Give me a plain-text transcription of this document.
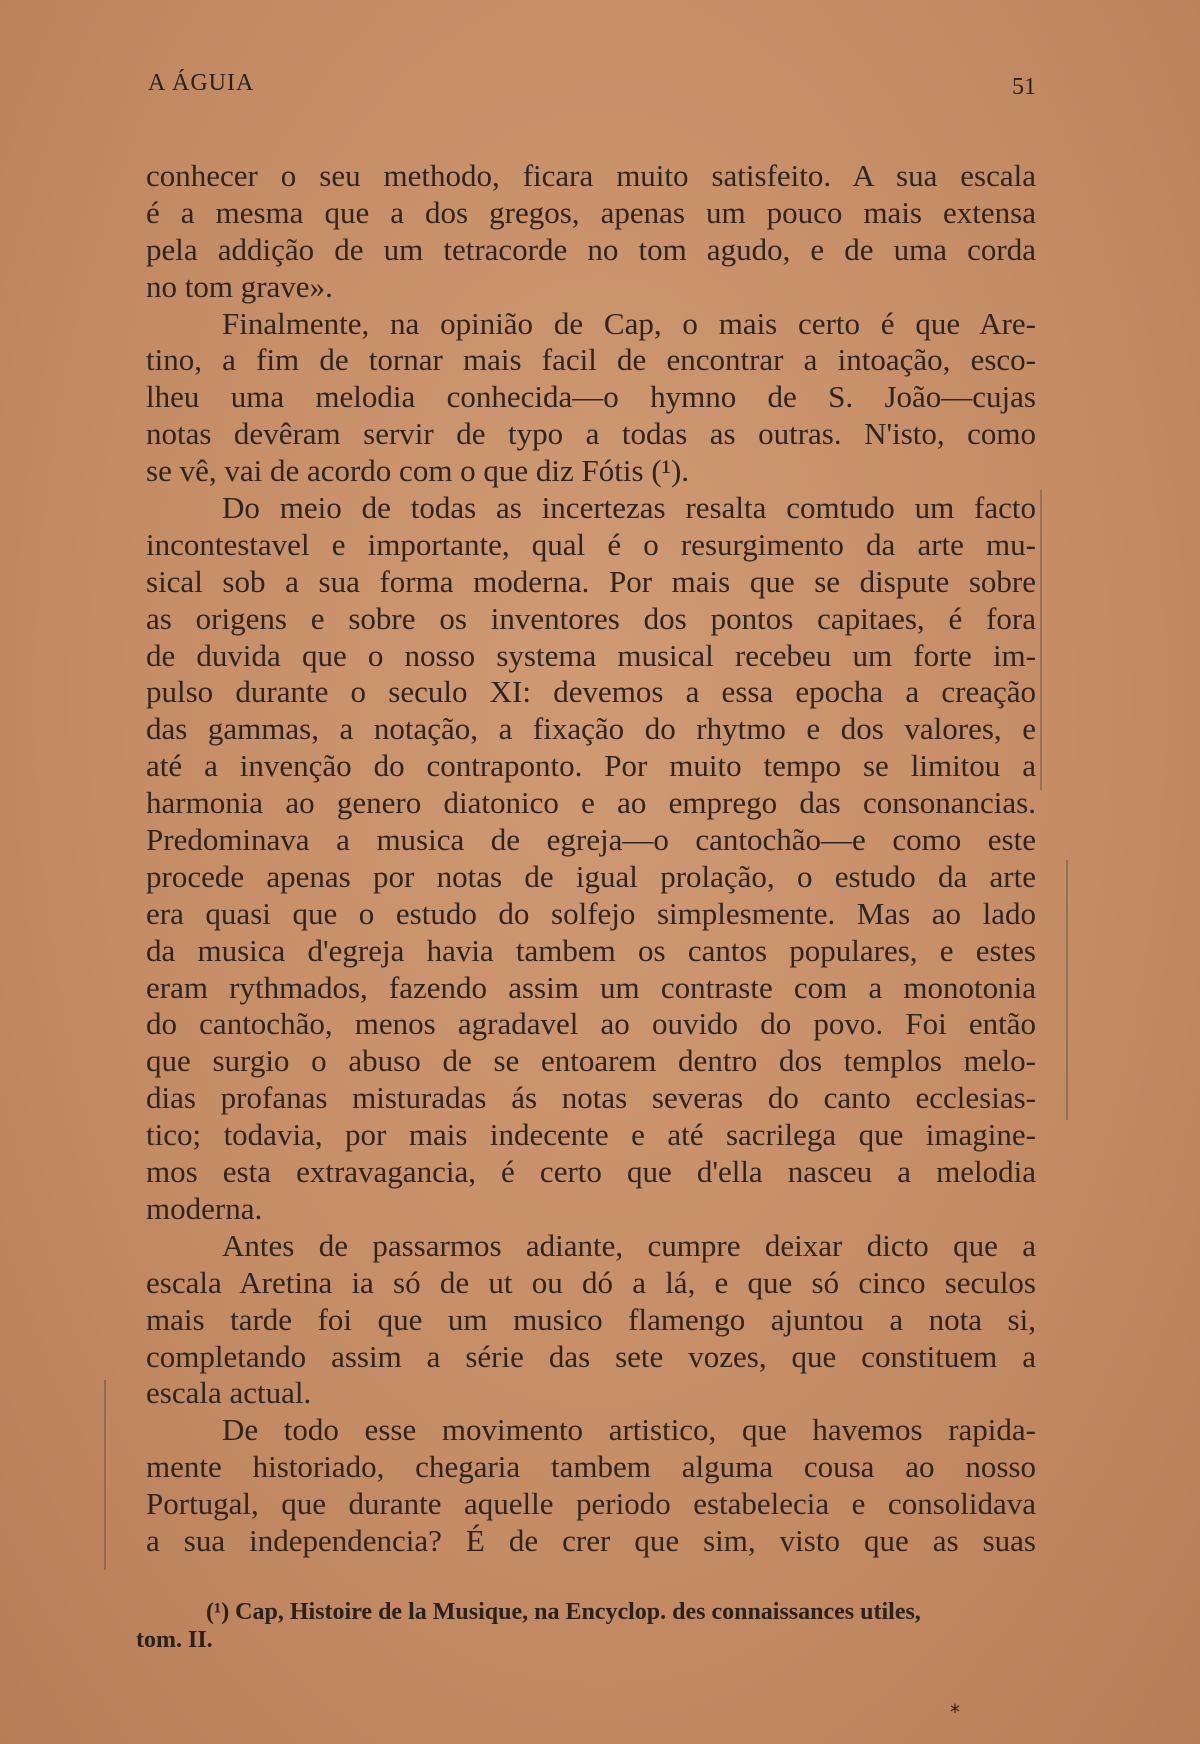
A ÁGUIA	51
conhecer o seu methodo, ficara muito satisfeito. A sua escala
é a mesma que a dos gregos, apenas um pouco mais extensa
pela addição de um tetracorde no tom agudo, e de uma corda
no tom grave».
Finalmente, na opinião de Cap, o mais certo é que Are-
tino, a fim de tornar mais facil de encontrar a intoação, esco-
lheu uma melodia conhecida—o hymno de S. João—cujas
notas devêram servir de typo a todas as outras. N'isto, como
se vê, vai de acordo com o que diz Fótis (¹).
Do meio de todas as incertezas resalta comtudo um facto
incontestavel e importante, qual é o resurgimento da arte mu-
sical sob a sua forma moderna. Por mais que se dispute sobre
as origens e sobre os inventores dos pontos capitaes, é fora
de duvida que o nosso systema musical recebeu um forte im-
pulso durante o seculo XI: devemos a essa epocha a creação
das gammas, a notação, a fixação do rhytmo e dos valores, e
até a invenção do contraponto. Por muito tempo se limitou a
harmonia ao genero diatonico e ao emprego das consonancias.
Predominava a musica de egreja—o cantochão—e como este
procede apenas por notas de igual prolação, o estudo da arte
era quasi que o estudo do solfejo simplesmente. Mas ao lado
da musica d'egreja havia tambem os cantos populares, e estes
eram rythmados, fazendo assim um contraste com a monotonia
do cantochão, menos agradavel ao ouvido do povo. Foi então
que surgio o abuso de se entoarem dentro dos templos melo-
dias profanas misturadas ás notas severas do canto ecclesias-
tico; todavia, por mais indecente e até sacrilega que imagine-
mos esta extravagancia, é certo que d'ella nasceu a melodia
moderna.
Antes de passarmos adiante, cumpre deixar dicto que a
escala Aretina ia só de ut ou dó a lá, e que só cinco seculos
mais tarde foi que um musico flamengo ajuntou a nota si,
completando assim a série das sete vozes, que constituem a
escala actual.
De todo esse movimento artistico, que havemos rapida-
mente historiado, chegaria tambem alguma cousa ao nosso
Portugal, que durante aquelle periodo estabelecia e consolidava
a sua independencia? É de crer que sim, visto que as suas
(¹) Cap, Histoire de la Musique, na Encyclop. des connaissances utiles,
tom. II.
*
